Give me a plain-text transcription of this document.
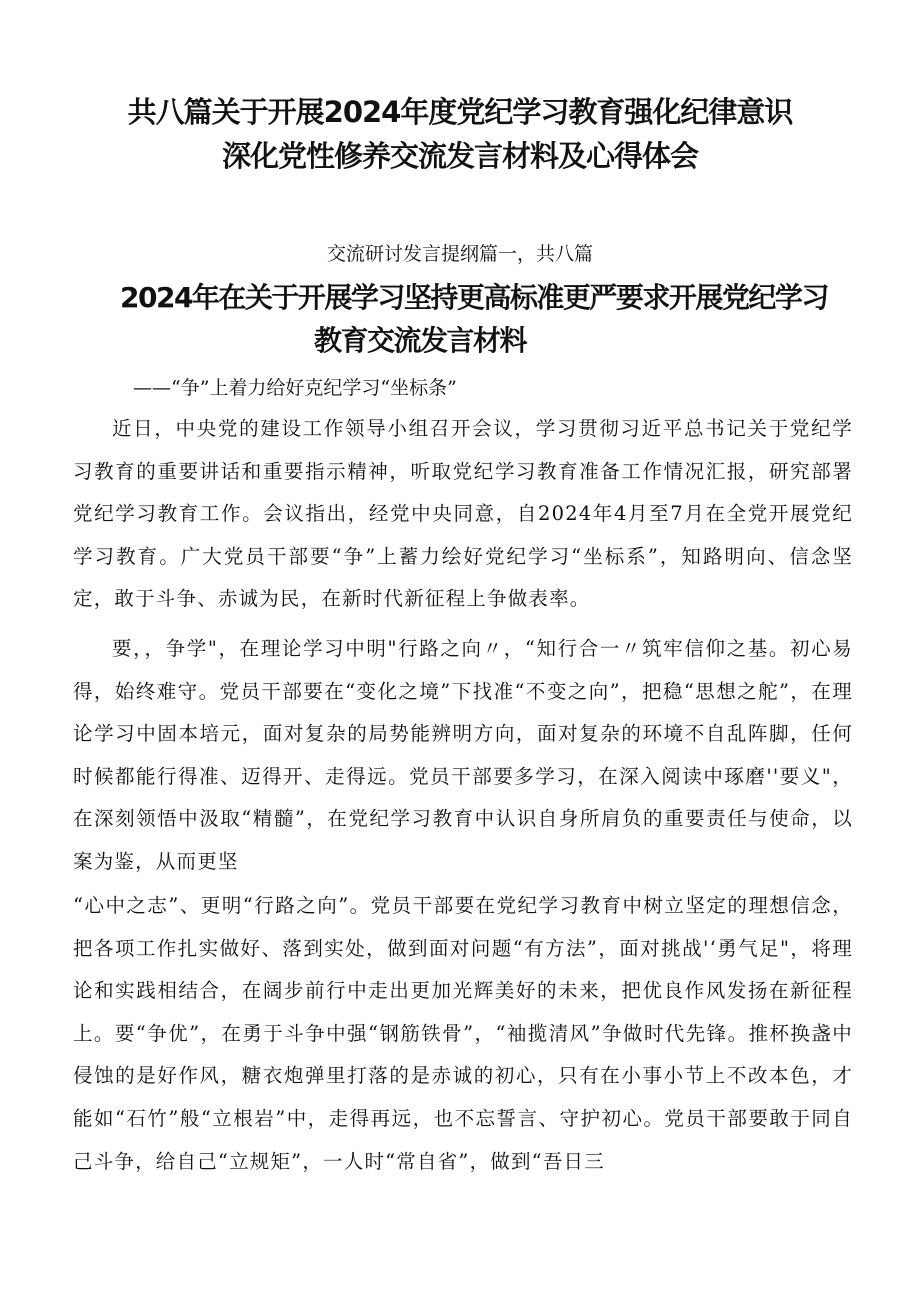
共八篇关于开展2024年度党纪学习教育强化纪律意识
深化党性修养交流发言材料及心得体会

交流研讨发言提纲篇一，共八篇

2024年在关于开展学习坚持更高标准更严要求开展党纪学习
教育交流发言材料

——“争”上着力给好克纪学习“坐标条”

近日，中央党的建设工作领导小组召开会议，学习贯彻习近平总书记关于党纪学习教育的重要讲话和重要指示精神，听取党纪学习教育准备工作情况汇报，研究部署党纪学习教育工作。会议指出，经党中央同意，自2024年4月至7月在全党开展党纪学习教育。广大党员干部要“争”上蓄力绘好党纪学习“坐标系”，知路明向、信念坚定，敢于斗争、赤诚为民，在新时代新征程上争做表率。

要，，争学"，在理论学习中明"行路之向〃，“知行合一〃筑牢信仰之基。初心易得，始终难守。党员干部要在“变化之境”下找准“不变之向”，把稳“思想之舵”，在理论学习中固本培元，面对复杂的局势能辨明方向，面对复杂的环境不自乱阵脚，任何时候都能行得准、迈得开、走得远。党员干部要多学习，在深入阅读中琢磨''要义"，在深刻领悟中汲取“精髓”，在党纪学习教育中认识自身所肩负的重要责任与使命，以案为鉴，从而更坚

“心中之志”、更明“行路之向”。党员干部要在党纪学习教育中树立坚定的理想信念，把各项工作扎实做好、落到实处，做到面对问题“有方法”，面对挑战'‘勇气足"，将理论和实践相结合，在阔步前行中走出更加光辉美好的未来，把优良作风发扬在新征程上。要“争优”，在勇于斗争中强“钢筋铁骨”，“袖揽清风”争做时代先锋。推杯换盏中侵蚀的是好作风，糖衣炮弹里打落的是赤诚的初心，只有在小事小节上不改本色，才能如“石竹”般“立根岩”中，走得再远，也不忘誓言、守护初心。党员干部要敢于同自己斗争，给自己“立规矩”，一人时“常自省”，做到“吾日三
